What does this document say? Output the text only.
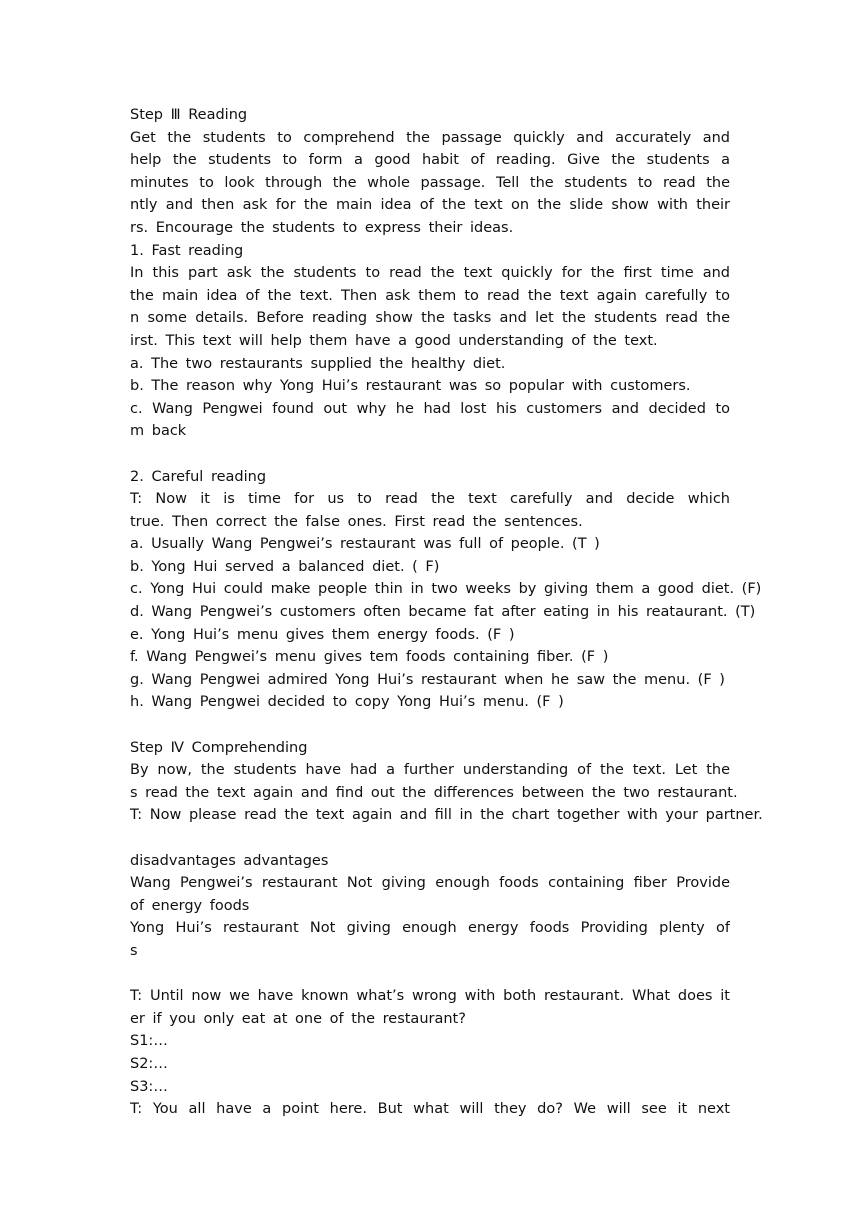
Step Ⅲ Reading
Get the students to comprehend the passage quickly and accurately and
help the students to form a good habit of reading. Give the students a
minutes to look through the whole passage. Tell the students to read the
ntly and then ask for the main idea of the text on the slide show with their
rs. Encourage the students to express their ideas.
1. Fast reading
In this part ask the students to read the text quickly for the first time and
the main idea of the text. Then ask them to read the text again carefully to
n some details. Before reading show the tasks and let the students read the
irst. This text will help them have a good understanding of the text.
a. The two restaurants supplied the healthy diet.
b. The reason why Yong Hui’s restaurant was so popular with customers.
c. Wang Pengwei found out why he had lost his customers and decided to
m back
2. Careful reading
T: Now it is time for us to read the text carefully and decide which
true. Then correct the false ones. First read the sentences.
a. Usually Wang Pengwei’s restaurant was full of people. (T )
b. Yong Hui served a balanced diet. ( F)
c. Yong Hui could make people thin in two weeks by giving them a good diet. (F)
d. Wang Pengwei’s customers often became fat after eating in his reataurant. (T)
e. Yong Hui’s menu gives them energy foods. (F )
f. Wang Pengwei’s menu gives tem foods containing fiber. (F )
g. Wang Pengwei admired Yong Hui’s restaurant when he saw the menu. (F )
h. Wang Pengwei decided to copy Yong Hui’s menu. (F )
Step Ⅳ Comprehending
By now, the students have had a further understanding of the text. Let the
s read the text again and find out the differences between the two restaurant.
T: Now please read the text again and fill in the chart together with your partner.
disadvantages advantages
Wang Pengwei’s restaurant Not giving enough foods containing fiber Provide
of energy foods
Yong Hui’s restaurant Not giving enough energy foods Providing plenty of
s
T: Until now we have known what’s wrong with both restaurant. What does it
er if you only eat at one of the restaurant?
S1:…
S2:…
S3:…
T: You all have a point here. But what will they do? We will see it next
